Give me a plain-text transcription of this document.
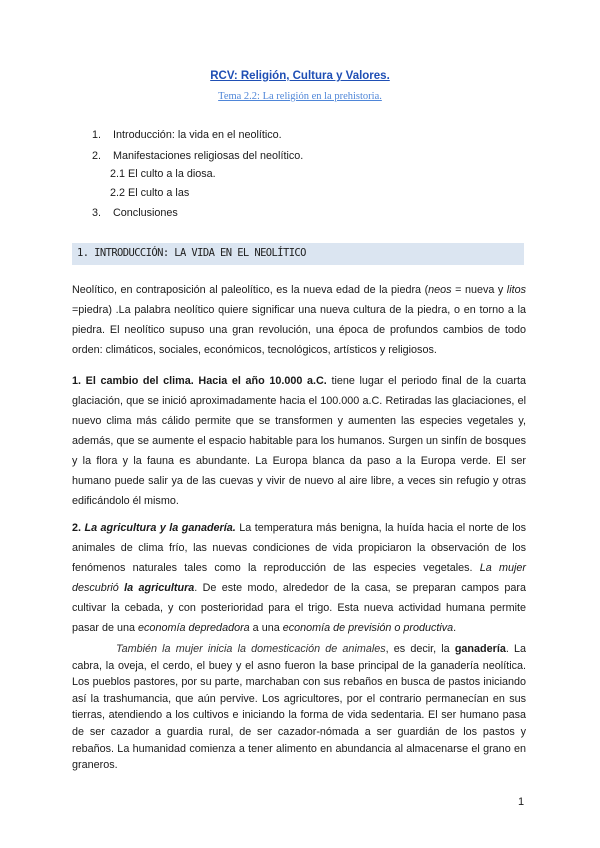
RCV: Religión, Cultura y Valores.
Tema 2.2: La religión en la prehistoria.
1. Introducción: la vida en el neolítico.
2. Manifestaciones religiosas del neolítico.
2.1 El culto a la diosa.
2.2 El culto a las
3. Conclusiones
1. INTRODUCCIÓN: LA VIDA EN EL NEOLÍTICO
Neolítico, en contraposición al paleolítico, es la nueva edad de la piedra (neos = nueva y litos =piedra) .La palabra neolítico quiere significar una nueva cultura de la piedra, o en torno a la piedra. El neolítico supuso una gran revolución, una época de profundos cambios de todo orden: climáticos, sociales, económicos, tecnológicos, artísticos y religiosos.
1. El cambio del clima. Hacia el año 10.000 a.C. tiene lugar el periodo final de la cuarta glaciación, que se inició aproximadamente hacia el 100.000 a.C. Retiradas las glaciaciones, el nuevo clima más cálido permite que se transformen y aumenten las especies vegetales y, además, que se aumente el espacio habitable para los humanos. Surgen un sinfín de bosques y la flora y la fauna es abundante. La Europa blanca da paso a la Europa verde. El ser humano puede salir ya de las cuevas y vivir de nuevo al aire libre, a veces sin refugio y otras edificándolo él mismo.
2. La agricultura y la ganadería. La temperatura más benigna, la huída hacia el norte de los animales de clima frío, las nuevas condiciones de vida propiciaron la observación de los fenómenos naturales tales como la reproducción de las especies vegetales. La mujer descubrió la agricultura. De este modo, alrededor de la casa, se preparan campos para cultivar la cebada, y con posterioridad para el trigo. Esta nueva actividad humana permite pasar de una economía depredadora a una economía de previsión o productiva.
También la mujer inicia la domesticación de animales, es decir, la ganadería. La cabra, la oveja, el cerdo, el buey y el asno fueron la base principal de la ganadería neolítica. Los pueblos pastores, por su parte, marchaban con sus rebaños en busca de pastos iniciando así la trashumancia, que aún pervive. Los agricultores, por el contrario permanecían en sus tierras, atendiendo a los cultivos e iniciando la forma de vida sedentaria. El ser humano pasa de ser cazador a guardia rural, de ser cazador-nómada a ser guardián de los pastos y rebaños. La humanidad comienza a tener alimento en abundancia al almacenarse el grano en graneros.
1
